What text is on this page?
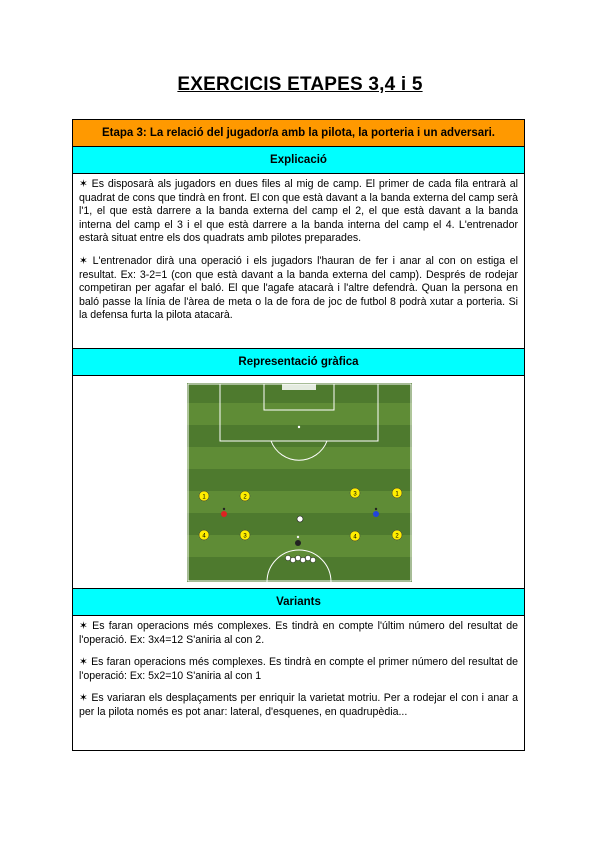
EXERCICIS ETAPES 3,4 i 5
Etapa 3: La relació del jugador/a amb la pilota, la porteria i un adversari.
Explicació

✶ Es disposarà als jugadors en dues files al mig de camp. El primer de cada fila entrarà al quadrat de cons que tindrà en front. El con que està davant a la banda externa del camp serà l'1, el que està darrere a la banda externa del camp el 2, el que està davant a la banda interna del camp el 3 i el que està darrere a la banda interna del camp el 4. L'entrenador estarà situat entre els dos quadrats amb pilotes preparades.

✶ L'entrenador dirà una operació i els jugadors l'hauran de fer i anar al con on estiga el resultat. Ex: 3-2=1 (con que està davant a la banda externa del camp). Després de rodejar competiran per agafar el baló. El que l'agafe atacarà i l'altre defendrà. Quan la persona en baló passe la línia de l'àrea de meta o la de fora de joc de futbol 8 podrà xutar a porteria. Si la defensa furta la pilota atacarà.

Representació gràfica
1	2
4	3
3	1
4	2
Variants

✶ Es faran operacions més complexes. Es tindrà en compte l'últim número del resultat de l'operació. Ex: 3x4=12 S'aniria al con 2.

✶ Es faran operacions més complexes. Es tindrà en compte el primer número del resultat de l'operació: Ex: 5x2=10 S'aniria al con 1

✶ Es variaran els desplaçaments per enriquir la varietat motriu. Per a rodejar el con i anar a per la pilota només es pot anar: lateral, d'esquenes, en quadrupèdia...
